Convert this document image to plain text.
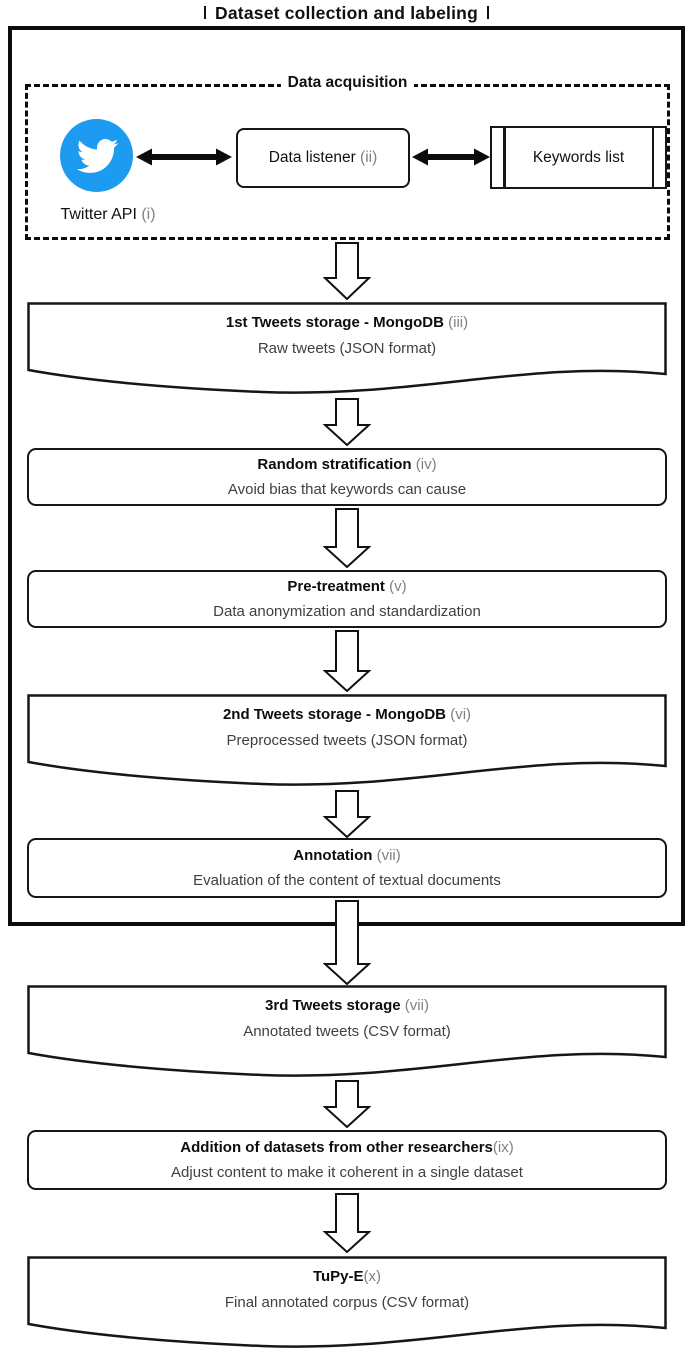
Dataset collection and labeling
Data acquisition
Twitter API (i)
Data listener (ii)	Keywords list
1st Tweets storage - MongoDB (iii)
Raw tweets (JSON format)
Random stratification (iv)
Avoid bias that keywords can cause
Pre-treatment (v)
Data anonymization and standardization
2nd Tweets storage - MongoDB (vi)
Preprocessed tweets (JSON format)
Annotation (vii)
Evaluation of the content of textual documents
3rd Tweets storage (vii)
Annotated tweets (CSV format)
Addition of datasets from other researchers(ix)
Adjust content to make it coherent in a single dataset
TuPy-E(x)
Final annotated corpus (CSV format)
